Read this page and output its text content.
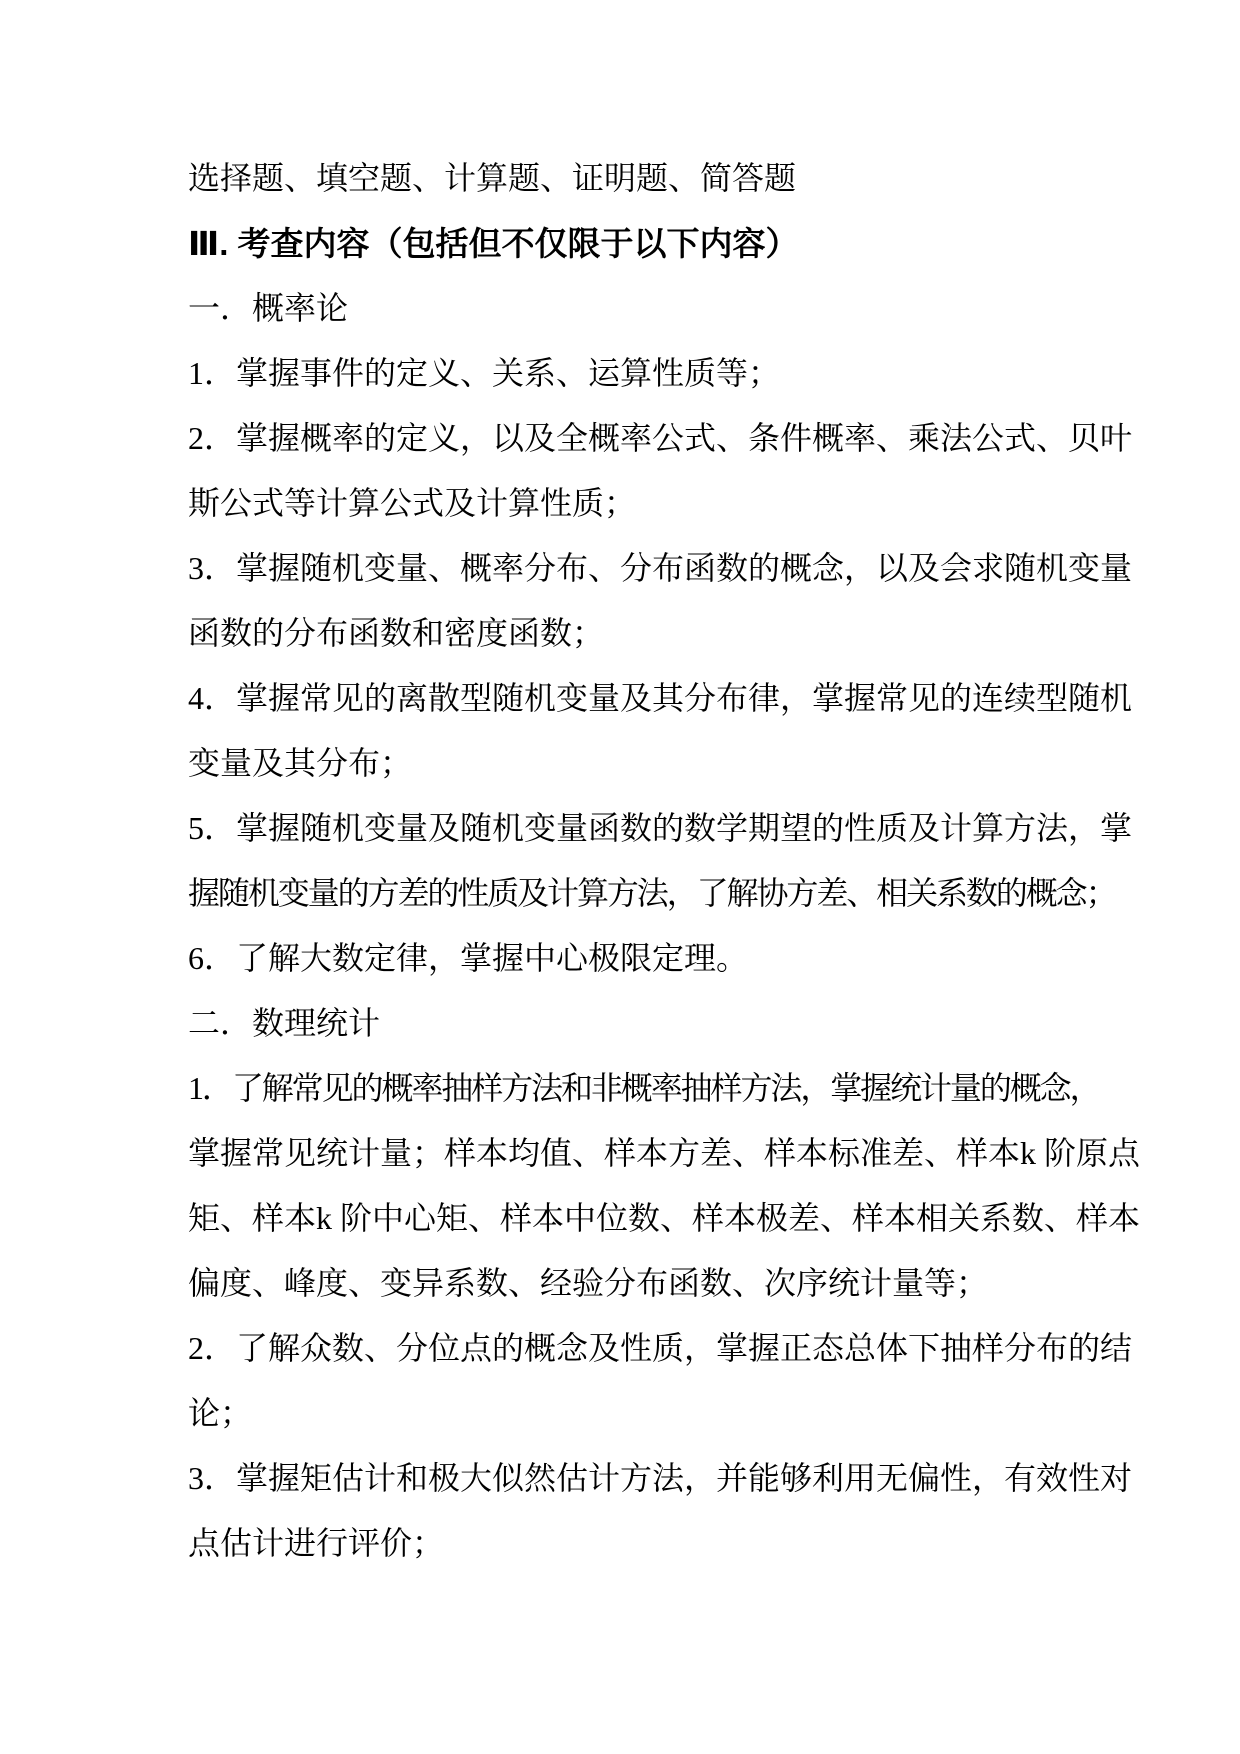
选择题、填空题、计算题、证明题、简答题
Ⅲ. 考查内容（包括但不仅限于以下内容）
一．概率论
1．掌握事件的定义、关系、运算性质等；
2．掌握概率的定义，以及全概率公式、条件概率、乘法公式、贝叶
斯公式等计算公式及计算性质；
3．掌握随机变量、概率分布、分布函数的概念，以及会求随机变量
函数的分布函数和密度函数；
4．掌握常见的离散型随机变量及其分布律，掌握常见的连续型随机
变量及其分布；
5．掌握随机变量及随机变量函数的数学期望的性质及计算方法，掌
握随机变量的方差的性质及计算方法，了解协方差、相关系数的概念；
6．了解大数定律，掌握中心极限定理。
二．数理统计
1．了解常见的概率抽样方法和非概率抽样方法，掌握统计量的概念，
掌握常见统计量；样本均值、样本方差、样本标准差、样本k 阶原点
矩、样本k 阶中心矩、样本中位数、样本极差、样本相关系数、样本
偏度、峰度、变异系数、经验分布函数、次序统计量等；
2．了解众数、分位点的概念及性质，掌握正态总体下抽样分布的结
论；
3．掌握矩估计和极大似然估计方法，并能够利用无偏性，有效性对
点估计进行评价；
